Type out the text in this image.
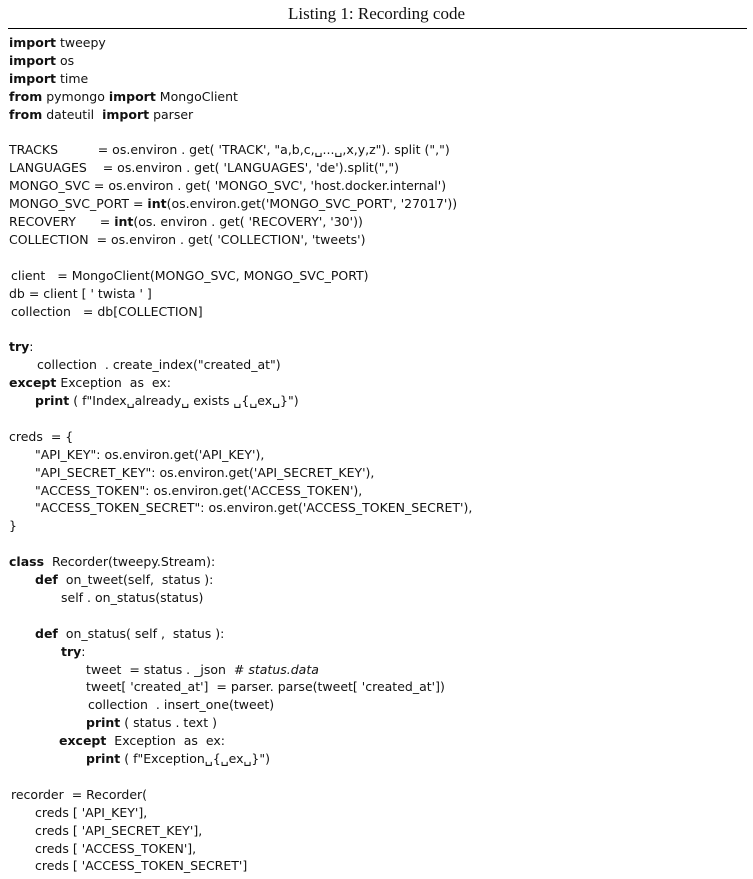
Listing 1: Recording code
import tweepy
import os
import time
from pymongo import MongoClient
from dateutil  import parser
TRACKS          = os.environ . get( 'TRACK', "a,b,c,␣...␣,x,y,z"). split (",")
LANGUAGES    = os.environ . get( 'LANGUAGES', 'de').split(",")
MONGO_SVC = os.environ . get( 'MONGO_SVC', 'host.docker.internal')
MONGO_SVC_PORT = int(os.environ.get('MONGO_SVC_PORT', '27017'))
RECOVERY      = int(os. environ . get( 'RECOVERY', '30'))
COLLECTION  = os.environ . get( 'COLLECTION', 'tweets')
client   = MongoClient(MONGO_SVC, MONGO_SVC_PORT)
db = client [ ' twista ' ]
collection   = db[COLLECTION]
try:
collection  . create_index("created_at")
except Exception  as  ex:
print ( f"Index␣already␣ exists ␣{␣ex␣}")
creds  = {
"API_KEY": os.environ.get('API_KEY'),
"API_SECRET_KEY": os.environ.get('API_SECRET_KEY'),
"ACCESS_TOKEN": os.environ.get('ACCESS_TOKEN'),
"ACCESS_TOKEN_SECRET": os.environ.get('ACCESS_TOKEN_SECRET'),
}
class  Recorder(tweepy.Stream):
def  on_tweet(self,  status ):
self . on_status(status)
def  on_status( self ,  status ):
try:
tweet  = status . _json  # status.data
tweet[ 'created_at']  = parser. parse(tweet[ 'created_at'])
collection  . insert_one(tweet)
print ( status . text )
except  Exception  as  ex:
print ( f"Exception␣{␣ex␣}")
recorder  = Recorder(
creds [ 'API_KEY'],
creds [ 'API_SECRET_KEY'],
creds [ 'ACCESS_TOKEN'],
creds [ 'ACCESS_TOKEN_SECRET']
